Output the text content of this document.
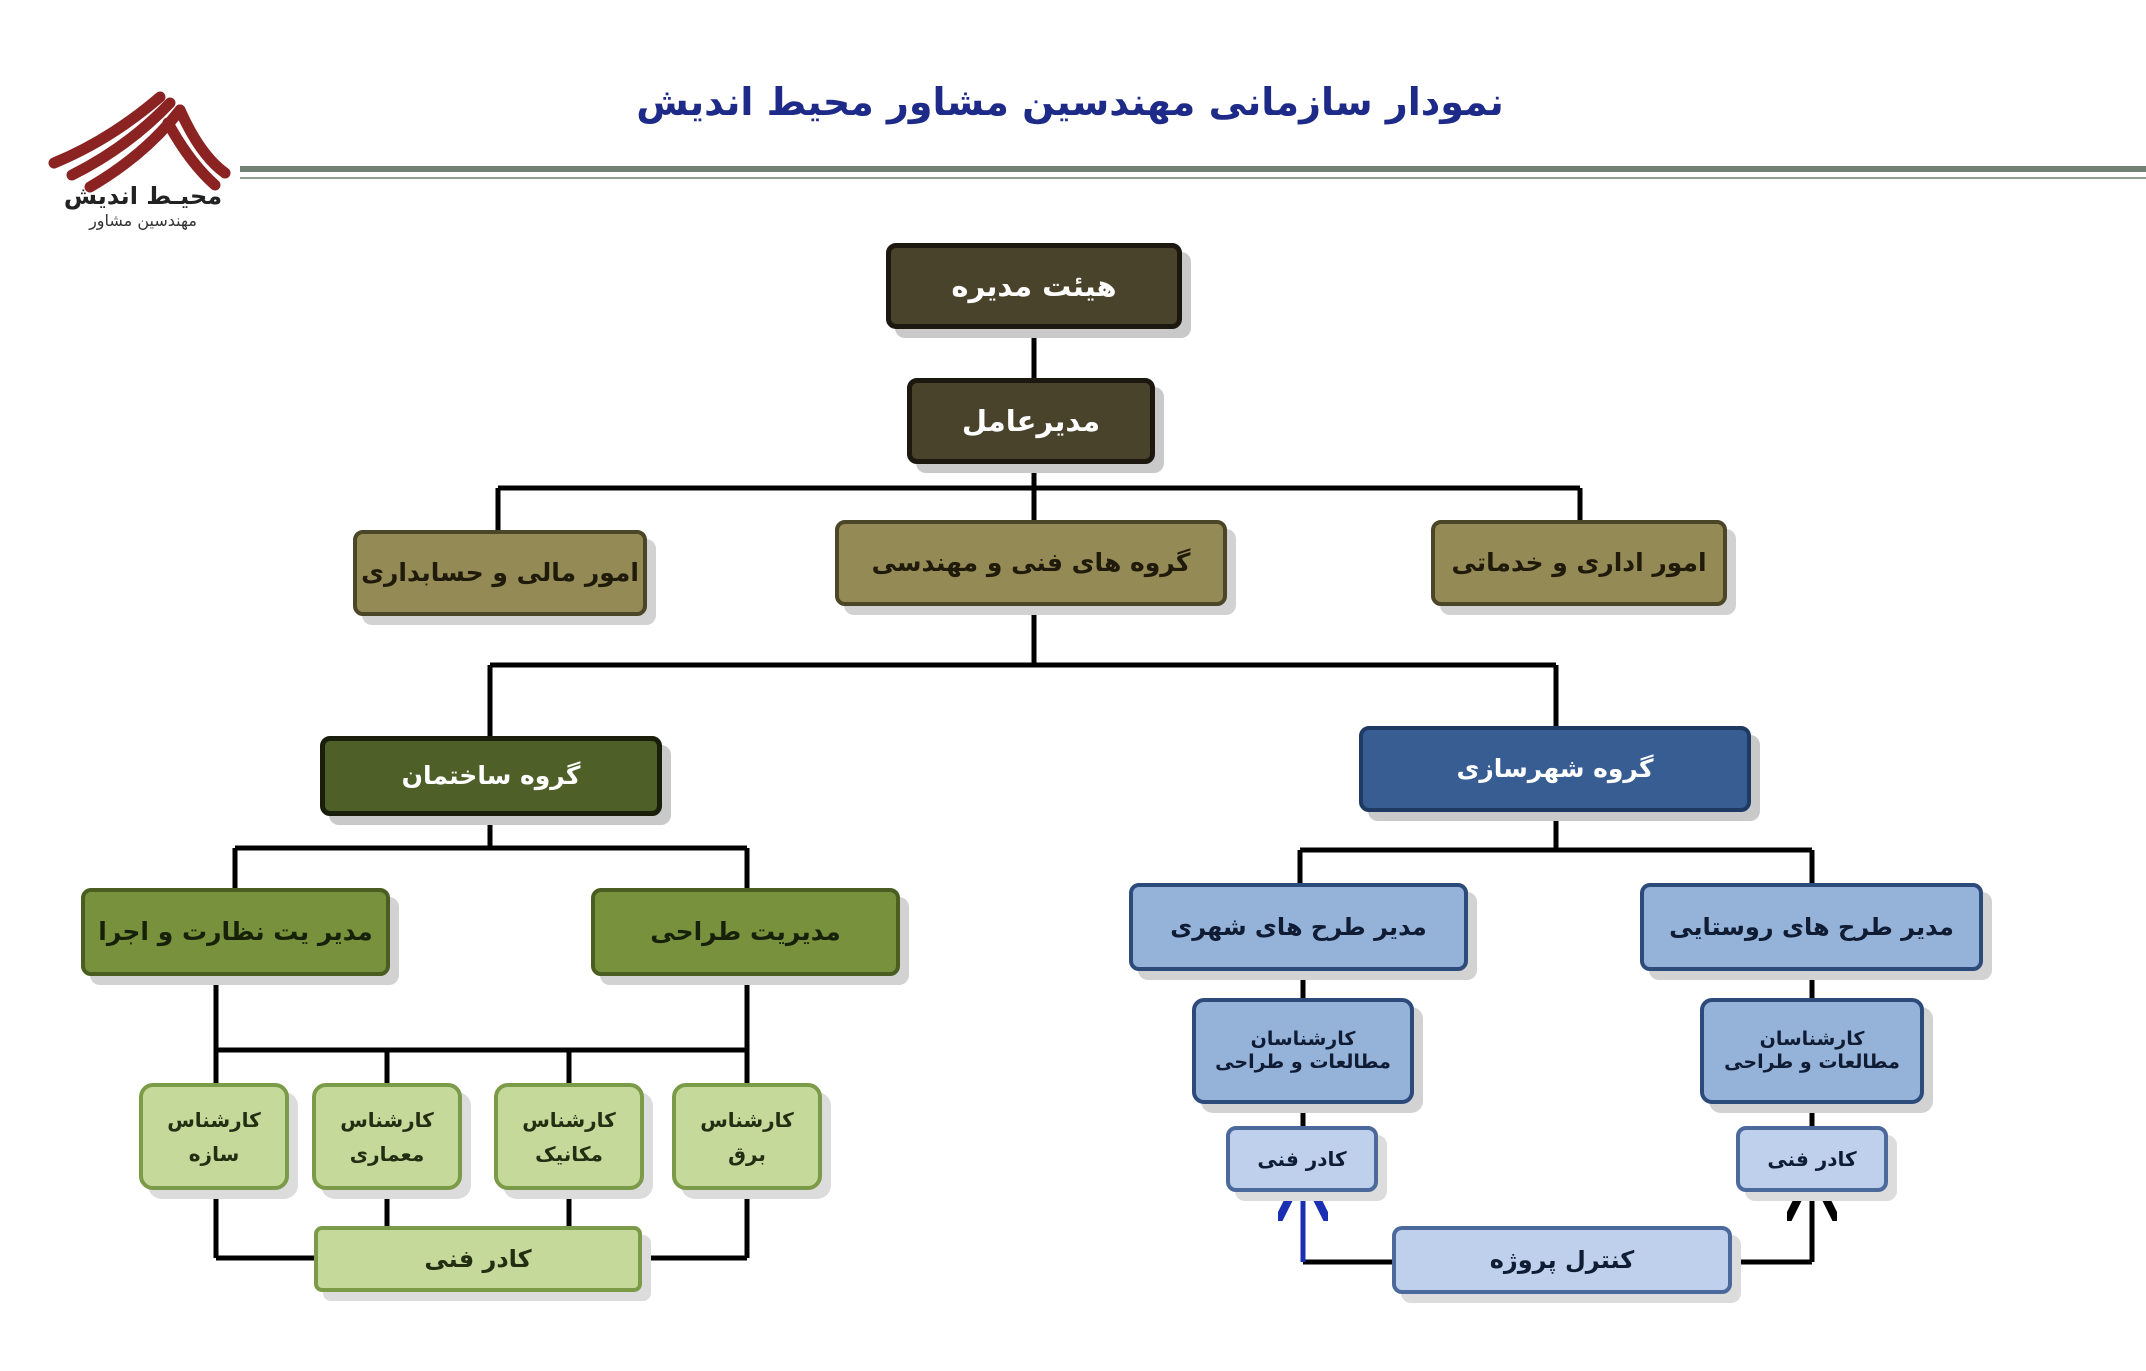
نمودار سازمانی مهندسین مشاور محیط اندیش
محیـط اندیش
مهندسین مشاور
هیئت مدیره
مدیرعامل
امور اداری و خدماتی
گروه های فنی و مهندسی
امور مالی و حسابداری
گروه شهرسازی
گروه ساختمان
مدیر طرح های روستایی
مدیر طرح های شهری
مدیریت طراحی
مدیر یت نظارت و اجرا
کارشناسان
مطالعات و طراحی
کارشناسان
مطالعات و طراحی
کادر فنی
کادر فنی
کنترل پروژه
کارشناس
برق
کارشناس
مکانیک
کارشناس
معماری
کارشناس
سازه
کادر فنی
